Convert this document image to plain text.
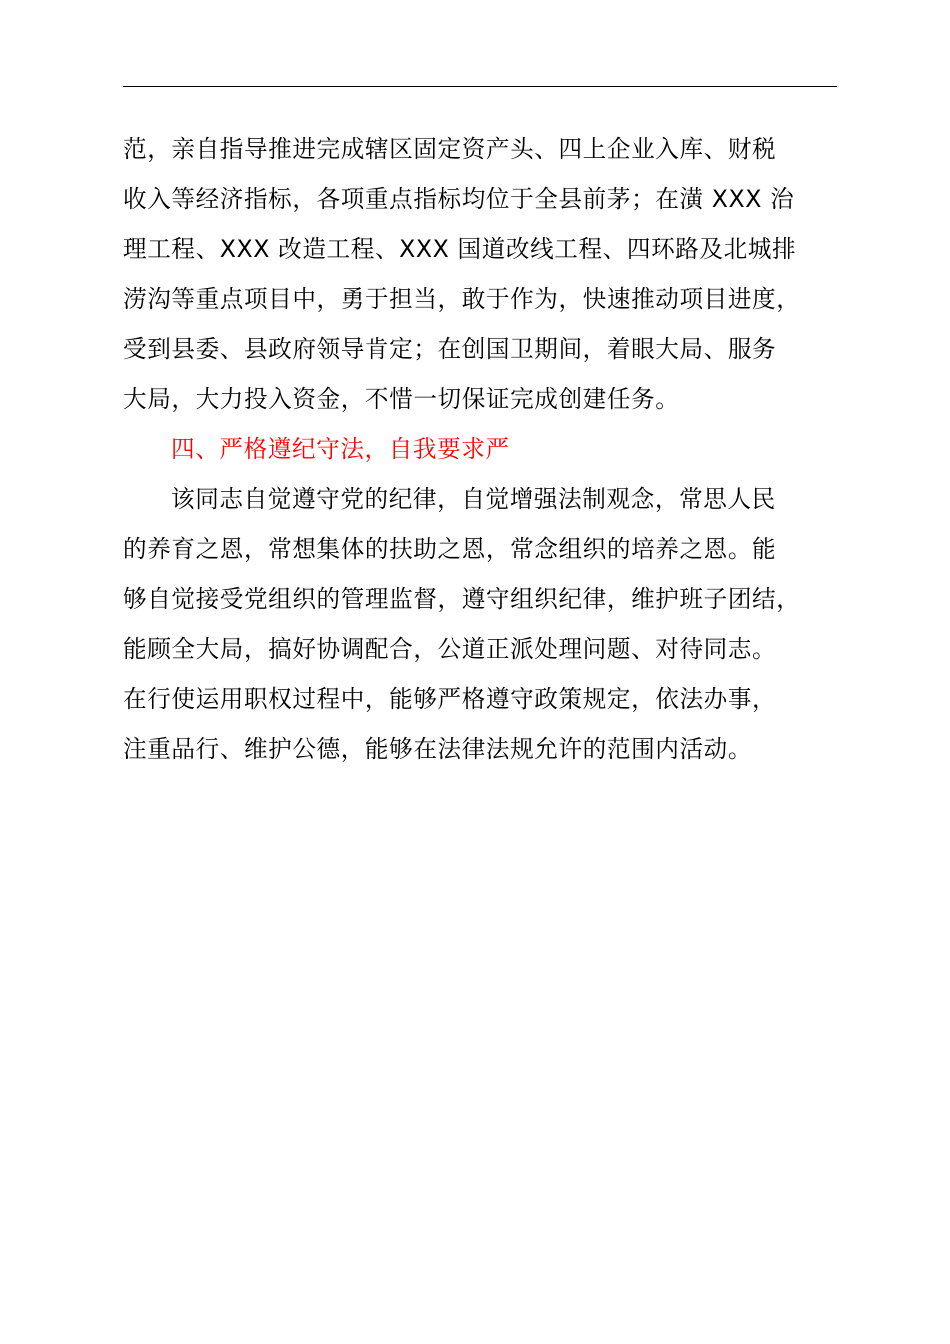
范，亲自指导推进完成辖区固定资产头、四上企业入库、财税
收入等经济指标，各项重点指标均位于全县前茅；在潢 XXX 治
理工程、XXX 改造工程、XXX 国道改线工程、四环路及北城排
涝沟等重点项目中，勇于担当，敢于作为，快速推动项目进度，
受到县委、县政府领导肯定；在创国卫期间，着眼大局、服务
大局，大力投入资金，不惜一切保证完成创建任务。

四、严格遵纪守法，自我要求严

该同志自觉遵守党的纪律，自觉增强法制观念，常思人民
的养育之恩，常想集体的扶助之恩，常念组织的培养之恩。能
够自觉接受党组织的管理监督，遵守组织纪律，维护班子团结，
能顾全大局，搞好协调配合，公道正派处理问题、对待同志。
在行使运用职权过程中，能够严格遵守政策规定，依法办事，
注重品行、维护公德，能够在法律法规允许的范围内活动。
